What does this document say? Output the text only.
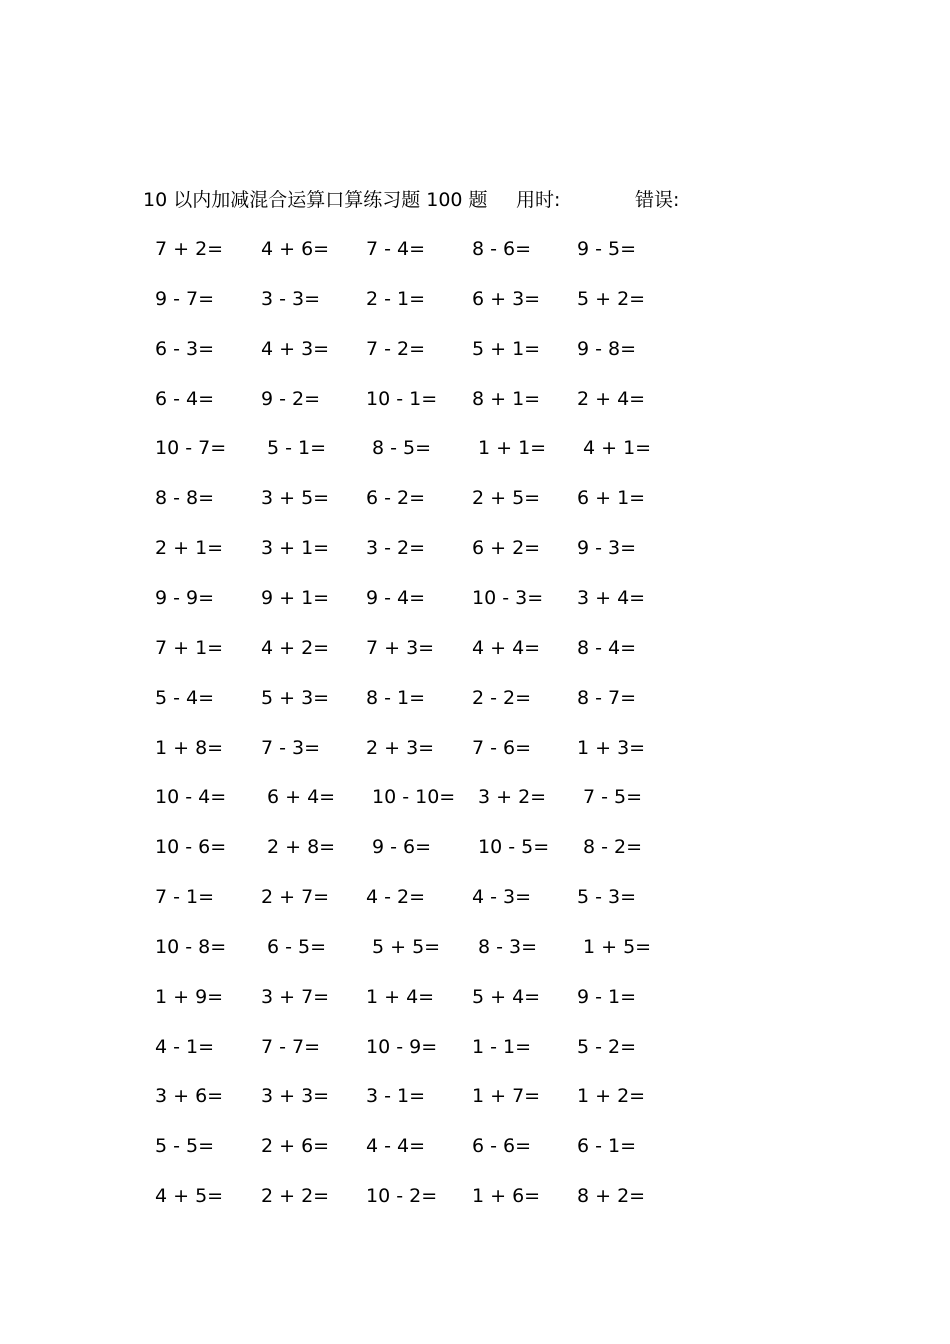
10 以内加减混合运算口算练习题 100 题 用时:	错误:
7 + 2= 4 + 6= 7 - 4= 8 - 6= 9 - 5=
9 - 7= 3 - 3= 2 - 1= 6 + 3= 5 + 2=
6 - 3= 4 + 3= 7 - 2= 5 + 1= 9 - 8=
6 - 4= 9 - 2= 10 - 1= 8 + 1= 2 + 4=
10 - 7= 5 - 1= 8 - 5= 1 + 1= 4 + 1=
8 - 8= 3 + 5= 6 - 2= 2 + 5= 6 + 1=
2 + 1= 3 + 1= 3 - 2= 6 + 2= 9 - 3=
9 - 9= 9 + 1= 9 - 4= 10 - 3= 3 + 4=
7 + 1= 4 + 2= 7 + 3= 4 + 4= 8 - 4=
5 - 4= 5 + 3= 8 - 1= 2 - 2= 8 - 7=
1 + 8= 7 - 3= 2 + 3= 7 - 6= 1 + 3=
10 - 4= 6 + 4= 10 - 10= 3 + 2= 7 - 5=
10 - 6= 2 + 8= 9 - 6= 10 - 5= 8 - 2=
7 - 1= 2 + 7= 4 - 2= 4 - 3= 5 - 3=
10 - 8= 6 - 5= 5 + 5= 8 - 3= 1 + 5=
1 + 9= 3 + 7= 1 + 4= 5 + 4= 9 - 1=
4 - 1= 7 - 7= 10 - 9= 1 - 1= 5 - 2=
3 + 6= 3 + 3= 3 - 1= 1 + 7= 1 + 2=
5 - 5= 2 + 6= 4 - 4= 6 - 6= 6 - 1=
4 + 5= 2 + 2= 10 - 2= 1 + 6= 8 + 2=
